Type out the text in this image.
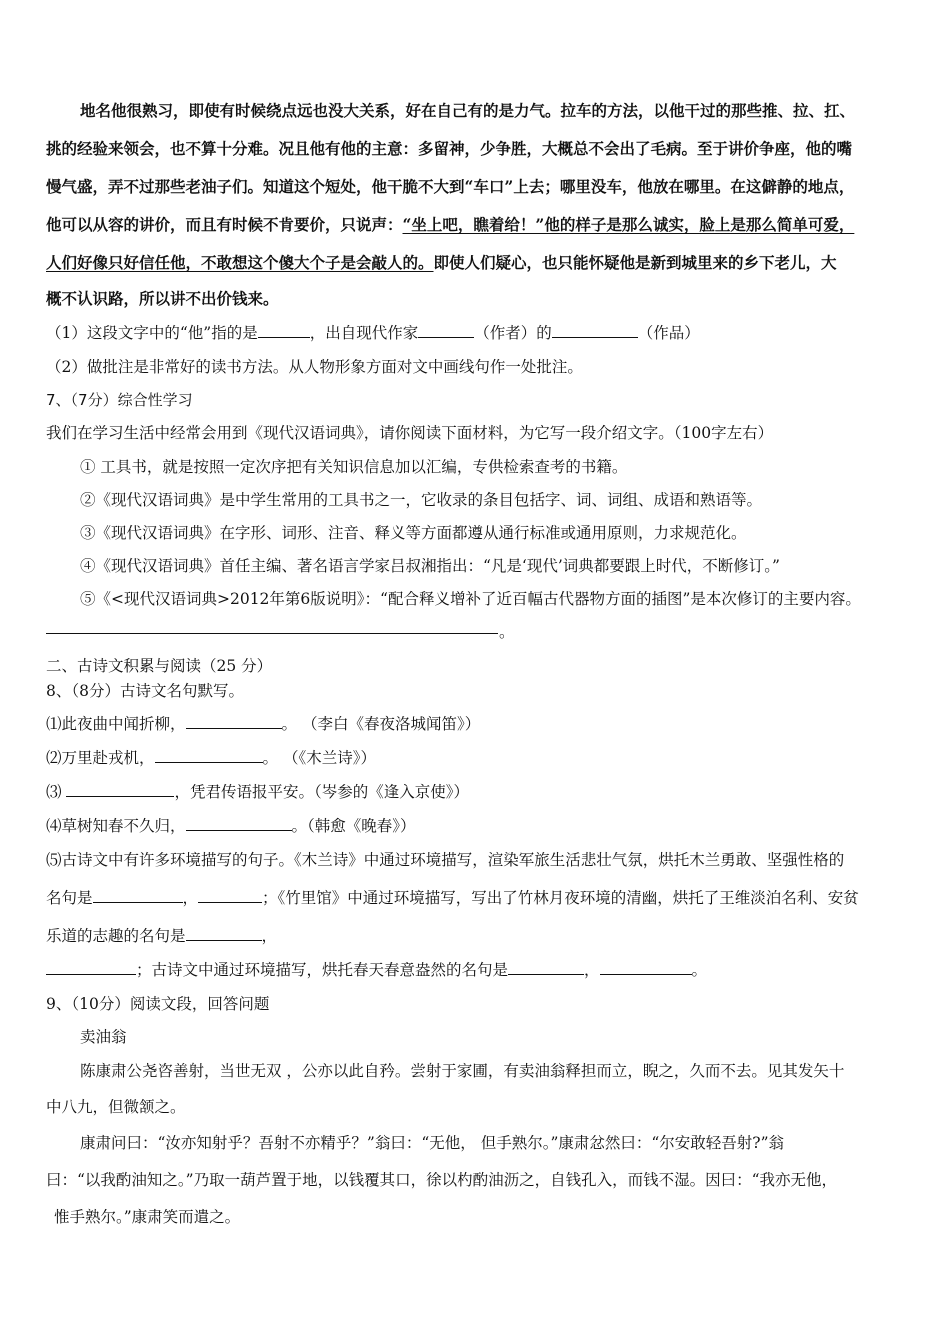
地名他很熟习，即使有时候绕点远也没大关系，好在自己有的是力气。拉车的方法，以他干过的那些推、拉、扛、
挑的经验来领会，也不算十分难。况且他有他的主意：多留神，少争胜，大概总不会出了毛病。至于讲价争座，他的嘴
慢气盛，弄不过那些老油子们。知道这个短处，他干脆不大到“车口”上去；哪里没车，他放在哪里。在这僻静的地点，
他可以从容的讲价，而且有时候不肯要价，只说声：“坐上吧，瞧着给！”他的样子是那么诚实，脸上是那么简单可爱，
人们好像只好信任他，不敢想这个傻大个子是会敲人的。即使人们疑心，也只能怀疑他是新到城里来的乡下老儿，大
概不认识路，所以讲不出价钱来。
（1）这段文字中的“他”指的是	，出自现代作家	（作者）的	（作品）
（2）做批注是非常好的读书方法。从人物形象方面对文中画线句作一处批注。
7、（7分）综合性学习
我们在学习生活中经常会用到《现代汉语词典》，请你阅读下面材料，为它写一段介绍文字。（100字左右）
① 工具书，就是按照一定次序把有关知识信息加以汇编，专供检索查考的书籍。
②《现代汉语词典》是中学生常用的工具书之一，它收录的条目包括字、词、词组、成语和熟语等。
③《现代汉语词典》在字形、词形、注音、释义等方面都遵从通行标准或通用原则，力求规范化。
④《现代汉语词典》首任主编、著名语言学家吕叔湘指出：“凡是‘现代’词典都要跟上时代，不断修订。”
⑤《<现代汉语词典>2012年第6版说明》：“配合释义增补了近百幅古代器物方面的插图”是本次修订的主要内容。
。
二、古诗文积累与阅读（25 分）
8、（8分）古诗文名句默写。
⑴此夜曲中闻折柳，	。 （李白《春夜洛城闻笛》）
⑵万里赴戎机，	。 （《木兰诗》）
⑶	，凭君传语报平安。（岑参的《逢入京使》）
⑷草树知春不久归，	。（韩愈《晚春》）
⑸古诗文中有许多环境描写的句子。《木兰诗》中通过环境描写，渲染军旅生活悲壮气氛，烘托木兰勇敢、坚强性格的
名句是	，	；《竹里馆》中通过环境描写，写出了竹林月夜环境的清幽，烘托了王维淡泊名利、安贫
乐道的志趣的名句是	，
；古诗文中通过环境描写，烘托春天春意盎然的名句是	，	。
9、（10分）阅读文段，回答问题
卖油翁
陈康肃公尧咨善射，当世无双 ，公亦以此自矜。尝射于家圃，有卖油翁释担而立，睨之，久而不去。见其发矢十
中八九，但微颔之。
康肃问曰：“汝亦知射乎？吾射不亦精乎？”翁曰：“无他， 但手熟尔。”康肃忿然曰：“尔安敢轻吾射?”翁
曰：“以我酌油知之。”乃取一葫芦置于地，以钱覆其口，徐以杓酌油沥之，自钱孔入，而钱不湿。因曰：“我亦无他，
惟手熟尔。”康肃笑而遣之。
